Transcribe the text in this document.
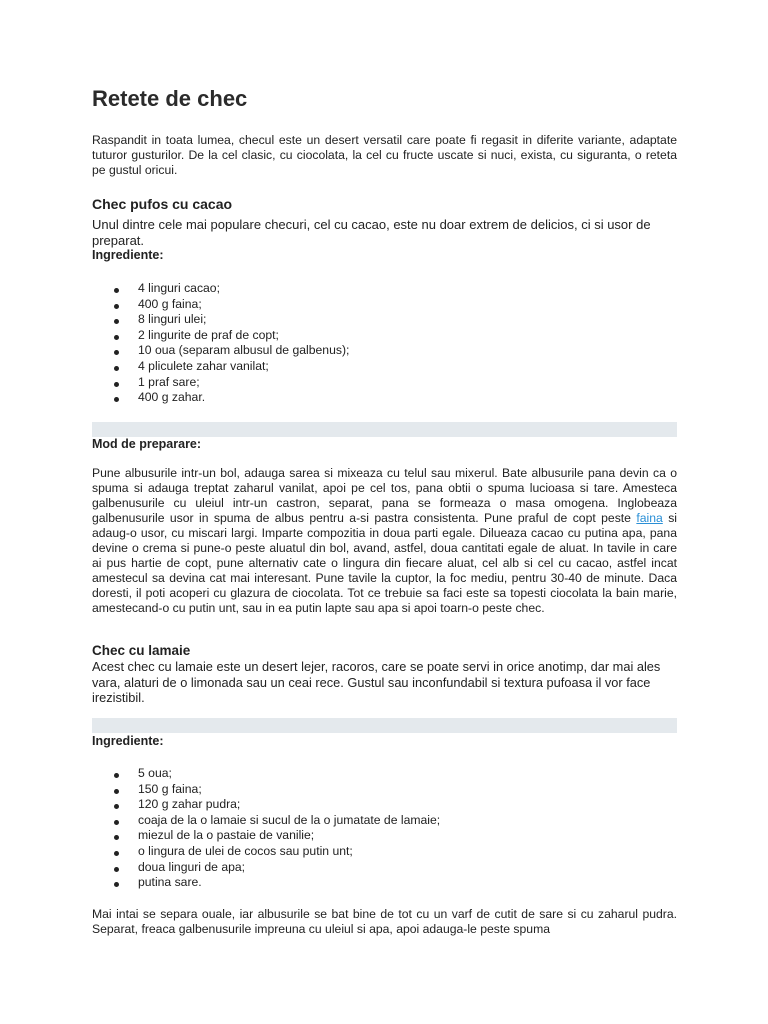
Retete de chec

Raspandit in toata lumea, checul este un desert versatil care poate fi regasit in diferite variante, adaptate tuturor gusturilor. De la cel clasic, cu ciocolata, la cel cu fructe uscate si nuci, exista, cu siguranta, o reteta pe gustul oricui.

Chec pufos cu cacao

Unul dintre cele mai populare checuri, cel cu cacao, este nu doar extrem de delicios, ci si usor de preparat.

Ingrediente:

4 linguri cacao;
400 g faina;
8 linguri ulei;
2 lingurite de praf de copt;
10 oua (separam albusul de galbenus);
4 pliculete zahar vanilat;
1 praf sare;
400 g zahar.

Mod de preparare:

Pune albusurile intr-un bol, adauga sarea si mixeaza cu telul sau mixerul. Bate albusurile pana devin ca o spuma si adauga treptat zaharul vanilat, apoi pe cel tos, pana obtii o spuma lucioasa si tare. Amesteca galbenusurile cu uleiul intr-un castron, separat, pana se formeaza o masa omogena. Inglobeaza galbenusurile usor in spuma de albus pentru a-si pastra consistenta. Pune praful de copt peste faina si adaug-o usor, cu miscari largi. Imparte compozitia in doua parti egale. Dilueaza cacao cu putina apa, pana devine o crema si pune-o peste aluatul din bol, avand, astfel, doua cantitati egale de aluat. In tavile in care ai pus hartie de copt, pune alternativ cate o lingura din fiecare aluat, cel alb si cel cu cacao, astfel incat amestecul sa devina cat mai interesant. Pune tavile la cuptor, la foc mediu, pentru 30-40 de minute. Daca doresti, il poti acoperi cu glazura de ciocolata. Tot ce trebuie sa faci este sa topesti ciocolata la bain marie, amestecand-o cu putin unt, sau in ea putin lapte sau apa si apoi toarn-o peste chec.

Chec cu lamaie

Acest chec cu lamaie este un desert lejer, racoros, care se poate servi in orice anotimp, dar mai ales vara, alaturi de o limonada sau un ceai rece. Gustul sau inconfundabil si textura pufoasa il vor face irezistibil.

Ingrediente:

5 oua;
150 g faina;
120 g zahar pudra;
coaja de la o lamaie si sucul de la o jumatate de lamaie;
miezul de la o pastaie de vanilie;
o lingura de ulei de cocos sau putin unt;
doua linguri de apa;
putina sare.

Mai intai se separa ouale, iar albusurile se bat bine de tot cu un varf de cutit de sare si cu zaharul pudra. Separat, freaca galbenusurile impreuna cu uleiul si apa, apoi adauga-le peste spuma
